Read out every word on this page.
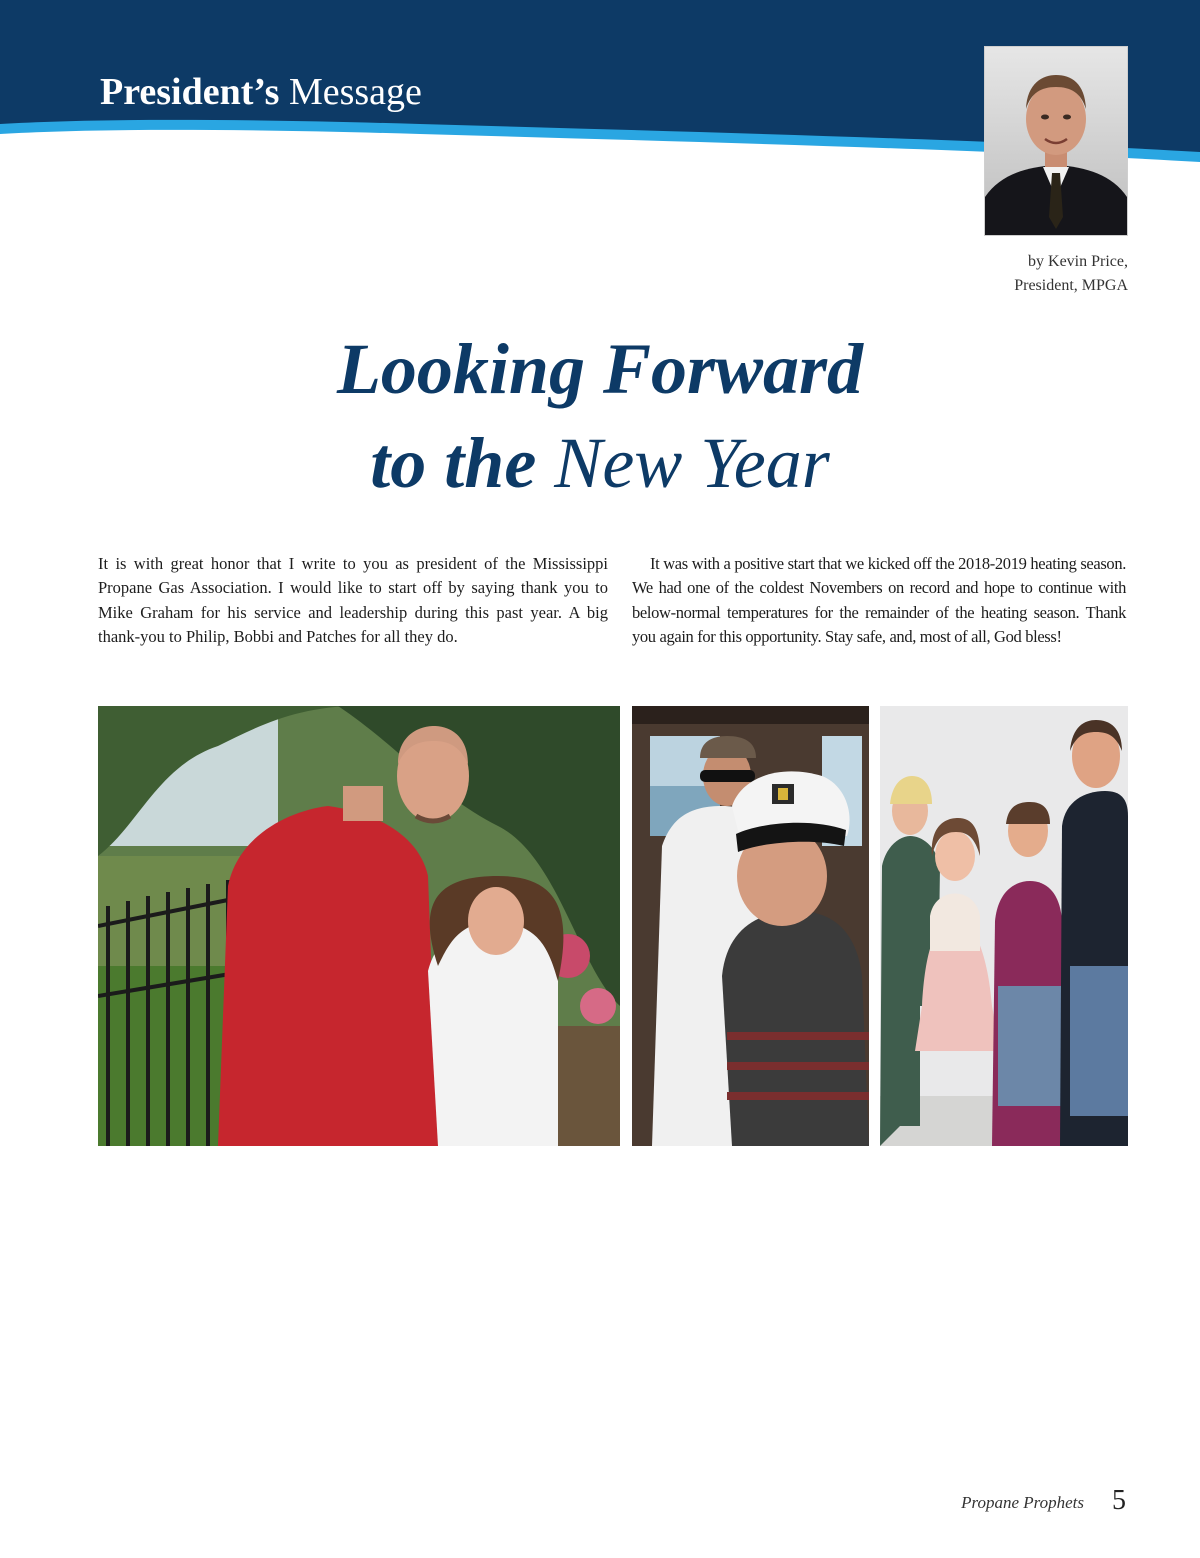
President’s Message
by Kevin Price,
President, MPGA
Looking Forward
to the New Year

It is with great honor that I write to you as president of the Mississippi Propane Gas Association. I would like to start off by saying thank you to Mike Graham for his service and leadership during this past year. A big thank-you to Philip, Bobbi and Patches for all they do.

It was with a positive start that we kicked off the 2018-2019 heating season. We had one of the coldest Novembers on record and hope to continue with below-normal temperatures for the remainder of the heating season. Thank you again for this opportunity. Stay safe, and, most of all, God bless!

Propane Prophets 5
